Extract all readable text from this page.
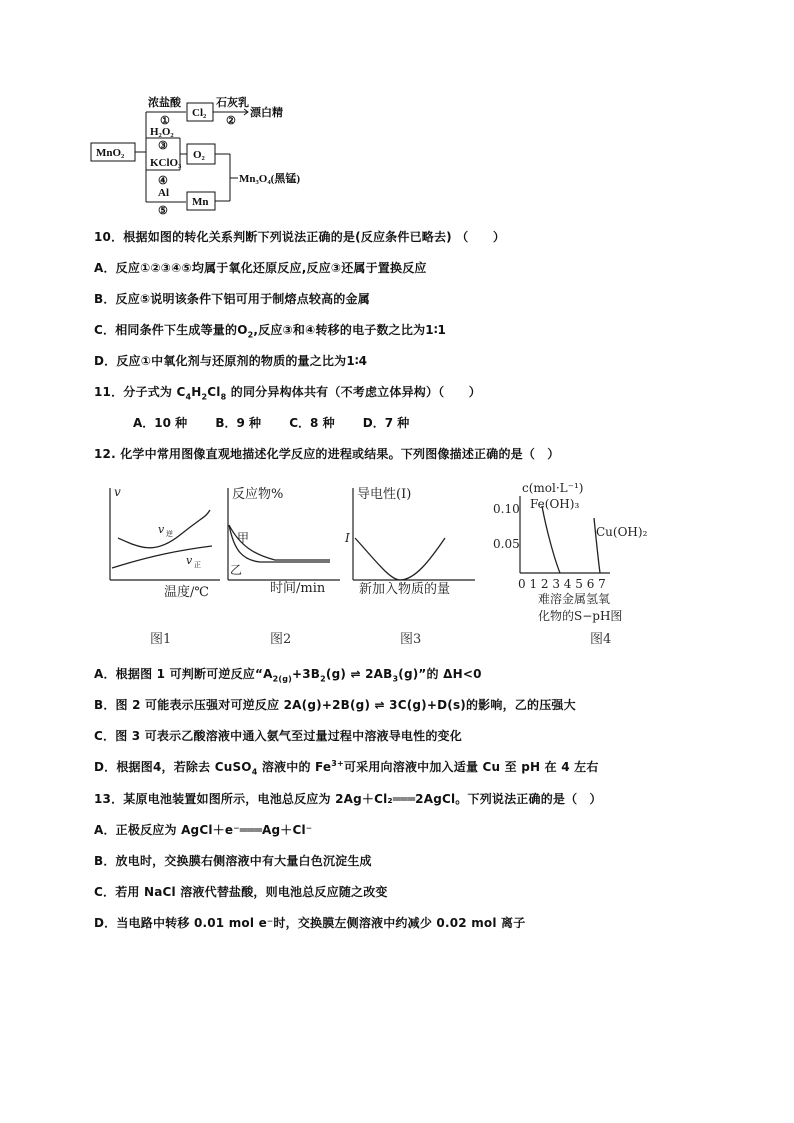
MnO₂
浓盐酸
①
Cl₂
石灰乳
②
漂白精
H₂O₂
③
KClO₃
④
O₂
Al
⑤
Mn
Mn₃O₄(黑锰)
10．根据如图的转化关系判断下列说法正确的是(反应条件已略去) （　　）
A．反应①②③④⑤均属于氧化还原反应,反应③还属于置换反应
B．反应⑤说明该条件下铝可用于制熔点较高的金属
C．相同条件下生成等量的$O_2$,反应③和④转移的电子数之比为1∶1
D．反应①中氧化剂与还原剂的物质的量之比为1∶4
11．分子式为 $C_4H_2Cl_8$ 的同分异构体共有（不考虑立体异构）（　　）
A．10 种 B．9 种 C．8 种 D．7 种
12. 化学中常用图像直观地描述化学反应的进程或结果。下列图像描述正确的是（　）
v
v 逆
v 正
温度/℃
反应物%
甲
乙
时间/min
导电性(I)
I
新加入物质的量
c(mol·L⁻¹)
0.10
0.05
Fe(OH)₃
Cu(OH)₂
0 1 2 3 4 5 6 7
难溶金属氢氧
化物的S−pH图
图1	图2	图3	图4
A．根据图 1 可判断可逆反应“$A_{2(g)}+3B_2(g)$ ⇌ $2AB_3(g)$”的 ΔH<0
B．图 2 可能表示压强对可逆反应 2A(g)+2B(g) ⇌ 3C(g)+D(s)的影响，乙的压强大
C．图 3 可表示乙酸溶液中通入氨气至过量过程中溶液导电性的变化
D．根据图4，若除去 CuSO$_4$ 溶液中的 $Fe^{3+}$可采用向溶液中加入适量 Cu 至 pH 在 4 左右
13．某原电池装置如图所示，电池总反应为 2Ag＋Cl₂═══2AgCl。下列说法正确的是（　）
A．正极反应为 AgCl＋e⁻═══Ag＋Cl⁻
B．放电时，交换膜右侧溶液中有大量白色沉淀生成
C．若用 NaCl 溶液代替盐酸，则电池总反应随之改变
D．当电路中转移 0.01 mol e⁻时，交换膜左侧溶液中约减少 0.02 mol 离子
